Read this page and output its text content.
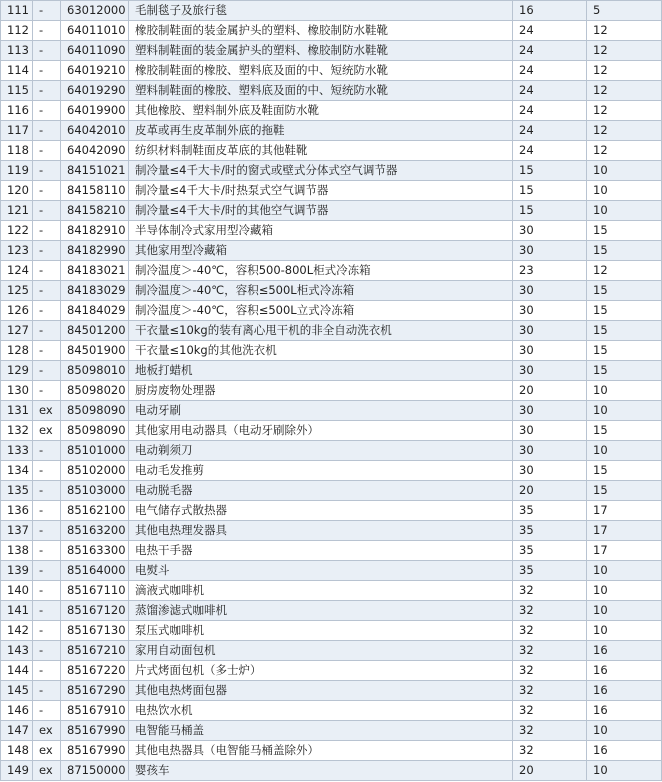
111	-	63012000	毛制毯子及旅行毯	16	5
112	-	64011010	橡胶制鞋面的装金属护头的塑料、橡胶制防水鞋靴	24	12
113	-	64011090	塑料制鞋面的装金属护头的塑料、橡胶制防水鞋靴	24	12
114	-	64019210	橡胶制鞋面的橡胶、塑料底及面的中、短统防水靴	24	12
115	-	64019290	塑料制鞋面的橡胶、塑料底及面的中、短统防水靴	24	12
116	-	64019900	其他橡胶、塑料制外底及鞋面防水靴	24	12
117	-	64042010	皮革或再生皮革制外底的拖鞋	24	12
118	-	64042090	纺织材料制鞋面皮革底的其他鞋靴	24	12
119	-	84151021	制冷量≤4千大卡/时的窗式或壁式分体式空气调节器	15	10
120	-	84158110	制冷量≤4千大卡/时热泵式空气调节器	15	10
121	-	84158210	制冷量≤4千大卡/时的其他空气调节器	15	10
122	-	84182910	半导体制冷式家用型冷藏箱	30	15
123	-	84182990	其他家用型冷藏箱	30	15
124	-	84183021	制冷温度＞-40℃，容积500-800L柜式冷冻箱	23	12
125	-	84183029	制冷温度＞-40℃，容积≤500L柜式冷冻箱	30	15
126	-	84184029	制冷温度＞-40℃，容积≤500L立式冷冻箱	30	15
127	-	84501200	干衣量≤10kg的装有离心甩干机的非全自动洗衣机	30	15
128	-	84501900	干衣量≤10kg的其他洗衣机	30	15
129	-	85098010	地板打蜡机	30	15
130	-	85098020	厨房废物处理器	20	10
131	ex	85098090	电动牙刷	30	10
132	ex	85098090	其他家用电动器具（电动牙刷除外）	30	15
133	-	85101000	电动剃须刀	30	10
134	-	85102000	电动毛发推剪	30	15
135	-	85103000	电动脱毛器	20	15
136	-	85162100	电气储存式散热器	35	17
137	-	85163200	其他电热理发器具	35	17
138	-	85163300	电热干手器	35	17
139	-	85164000	电熨斗	35	10
140	-	85167110	滴液式咖啡机	32	10
141	-	85167120	蒸馏渗滤式咖啡机	32	10
142	-	85167130	泵压式咖啡机	32	10
143	-	85167210	家用自动面包机	32	16
144	-	85167220	片式烤面包机（多士炉）	32	16
145	-	85167290	其他电热烤面包器	32	16
146	-	85167910	电热饮水机	32	16
147	ex	85167990	电智能马桶盖	32	10
148	ex	85167990	其他电热器具（电智能马桶盖除外）	32	16
149	ex	87150000	婴孩车	20	10
